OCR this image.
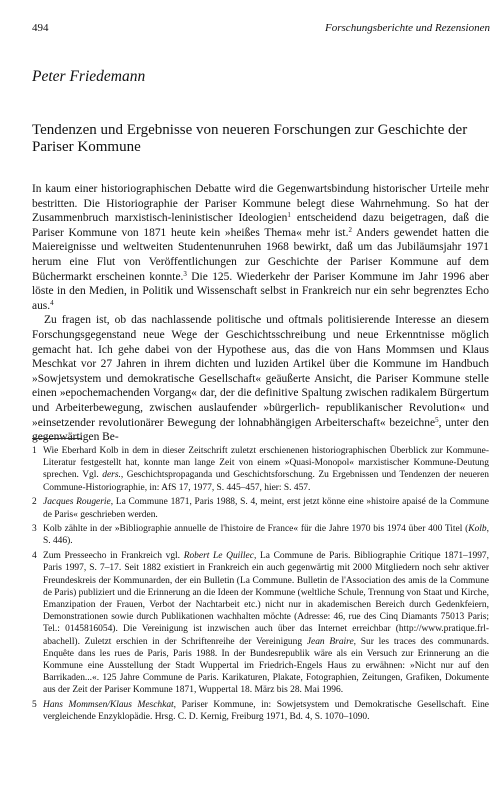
494	Forschungsberichte und Rezensionen
Peter Friedemann
Tendenzen und Ergebnisse von neueren Forschungen zur Geschichte der Pariser Kommune

In kaum einer historiographischen Debatte wird die Gegenwartsbindung historischer Urteile mehr bestritten. Die Historiographie der Pariser Kommune belegt diese Wahrnehmung. So hat der Zusammenbruch marxistisch-leninistischer Ideologien$^1$ entscheidend dazu beigetragen, daß die Pariser Kommune von 1871 heute kein »heißes Thema« mehr ist.$^2$ Anders gewendet hatten die Maiereignisse und weltweiten Studentenunruhen 1968 bewirkt, daß um das Jubiläumsjahr 1971 herum eine Flut von Veröffentlichungen zur Geschichte der Pariser Kommune auf dem Büchermarkt erscheinen konnte.$^3$ Die 125. Wiederkehr der Pariser Kommune im Jahr 1996 aber löste in den Medien, in Politik und Wissenschaft selbst in Frankreich nur ein sehr begrenztes Echo aus.$^4$

Zu fragen ist, ob das nachlassende politische und oftmals politisierende Interesse an diesem Forschungsgegenstand neue Wege der Geschichtsschreibung und neue Erkenntnisse möglich gemacht hat. Ich gehe dabei von der Hypothese aus, das die von Hans Mommsen und Klaus Meschkat vor 27 Jahren in ihrem dichten und luziden Artikel über die Kommune im Handbuch »Sowjetsystem und demokratische Gesellschaft« geäußerte Ansicht, die Pariser Kommune stelle einen »epochemachenden Vorgang« dar, der die definitive Spaltung zwischen radikalem Bürgertum und Arbeiterbewegung, zwischen auslaufender »bürgerlich- republikanischer Revolution« und »einsetzender revolutionärer Bewegung der lohnabhängigen Arbeiterschaft« bezeichne$^5$, unter den gegenwärtigen Be-

1 Wie Eberhard Kolb in dem in dieser Zeitschrift zuletzt erschienenen historiographischen Überblick zur Kommune-Literatur festgestellt hat, konnte man lange Zeit von einem »Quasi-Monopol« marxistischer Kommune-Deutung sprechen. Vgl. ders., Geschichtspropaganda und Geschichtsforschung. Zu Ergebnissen und Tendenzen der neueren Commune-Historiographie, in: AfS 17, 1977, S. 445–457, hier: S. 457.
2 Jacques Rougerie, La Commune 1871, Paris 1988, S. 4, meint, erst jetzt könne eine »histoire apaisé de la Commune de Paris« geschrieben werden.
3 Kolb zählte in der »Bibliographie annuelle de l'histoire de France« für die Jahre 1970 bis 1974 über 400 Titel (Kolb, S. 446).
4 Zum Presseecho in Frankreich vgl. Robert Le Quillec, La Commune de Paris. Bibliographie Critique 1871–1997, Paris 1997, S. 7–17. Seit 1882 existiert in Frankreich ein auch gegenwärtig mit 2000 Mitgliedern noch sehr aktiver Freundeskreis der Kommunarden, der ein Bulletin (La Commune. Bulletin de l'Association des amis de la Commune de Paris) publiziert und die Erinnerung an die Ideen der Kommune (weltliche Schule, Trennung von Staat und Kirche, Emanzipation der Frauen, Verbot der Nachtarbeit etc.) nicht nur in akademischen Bereich durch Gedenkfeiern, Demonstrationen sowie durch Publikationen wachhalten möchte (Adresse: 46, rue des Cinq Diamants 75013 Paris; Tel.: 0145816054). Die Vereinigung ist inzwischen auch über das Internet erreichbar (http://www.pratique.frl-abachell). Zuletzt erschien in der Schriftenreihe der Vereinigung Jean Braire, Sur les traces des communards. Enquête dans les rues de Paris, Paris 1988. In der Bundesrepublik wäre als ein Versuch zur Erinnerung an die Kommune eine Ausstellung der Stadt Wuppertal im Friedrich-Engels Haus zu erwähnen: »Nicht nur auf den Barrikaden...«. 125 Jahre Commune de Paris. Karikaturen, Plakate, Fotographien, Zeitungen, Grafiken, Dokumente aus der Zeit der Pariser Kommune 1871, Wuppertal 18. März bis 28. Mai 1996.
5 Hans Mommsen/Klaus Meschkat, Pariser Kommune, in: Sowjetsystem und Demokratische Gesellschaft. Eine vergleichende Enzyklopädie. Hrsg. C. D. Kernig, Freiburg 1971, Bd. 4, S. 1070–1090.
